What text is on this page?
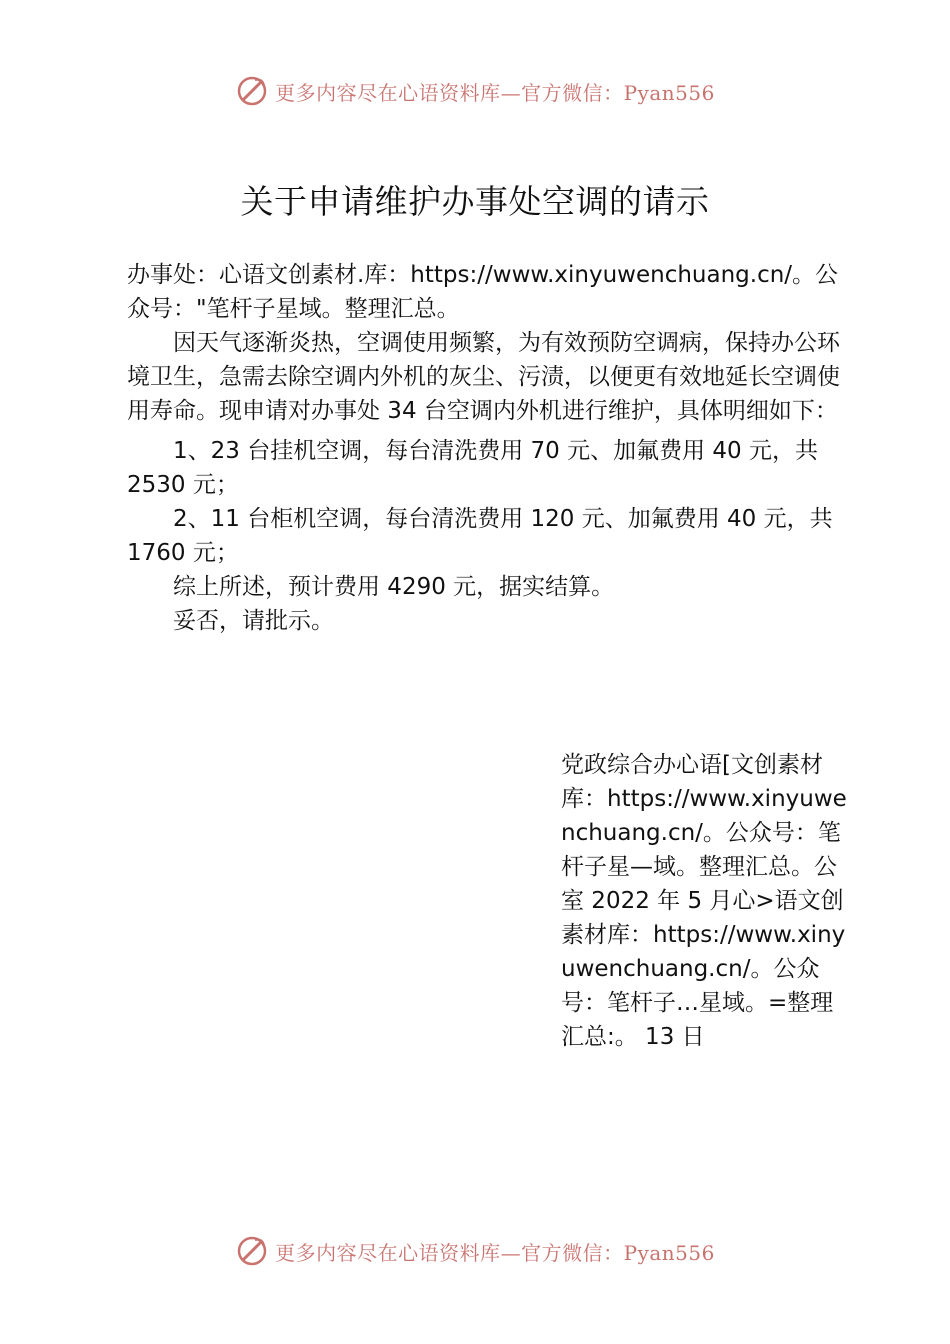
更多内容尽在心语资料库—官方微信：Pyan556
关于申请维护办事处空调的请示

办事处：心语文创素材.库：https://www.xinyuwenchuang.cn/。公众号："笔杆子星域。整理汇总。

因天气逐渐炎热，空调使用频繁，为有效预防空调病，保持办公环境卫生，急需去除空调内外机的灰尘、污渍，以便更有效地延长空调使用寿命。现申请对办事处 34 台空调内外机进行维护，具体明细如下：

1、23 台挂机空调，每台清洗费用 70 元、加氟费用 40 元，共 2530 元；

2、11 台柜机空调，每台清洗费用 120 元、加氟费用 40 元，共 1760 元；

综上所述，预计费用 4290 元，据实结算。

妥否，请批示。

党政综合办心语[文创素材库：https://www.xinyuwenchuang.cn/。公众号：笔杆子星—域。整理汇总。公室 2022 年 5 月心>语文创素材库：https://www.xinyuwenchuang.cn/。公众号：笔杆子…星域。=整理汇总:。 13 日
更多内容尽在心语资料库—官方微信：Pyan556
